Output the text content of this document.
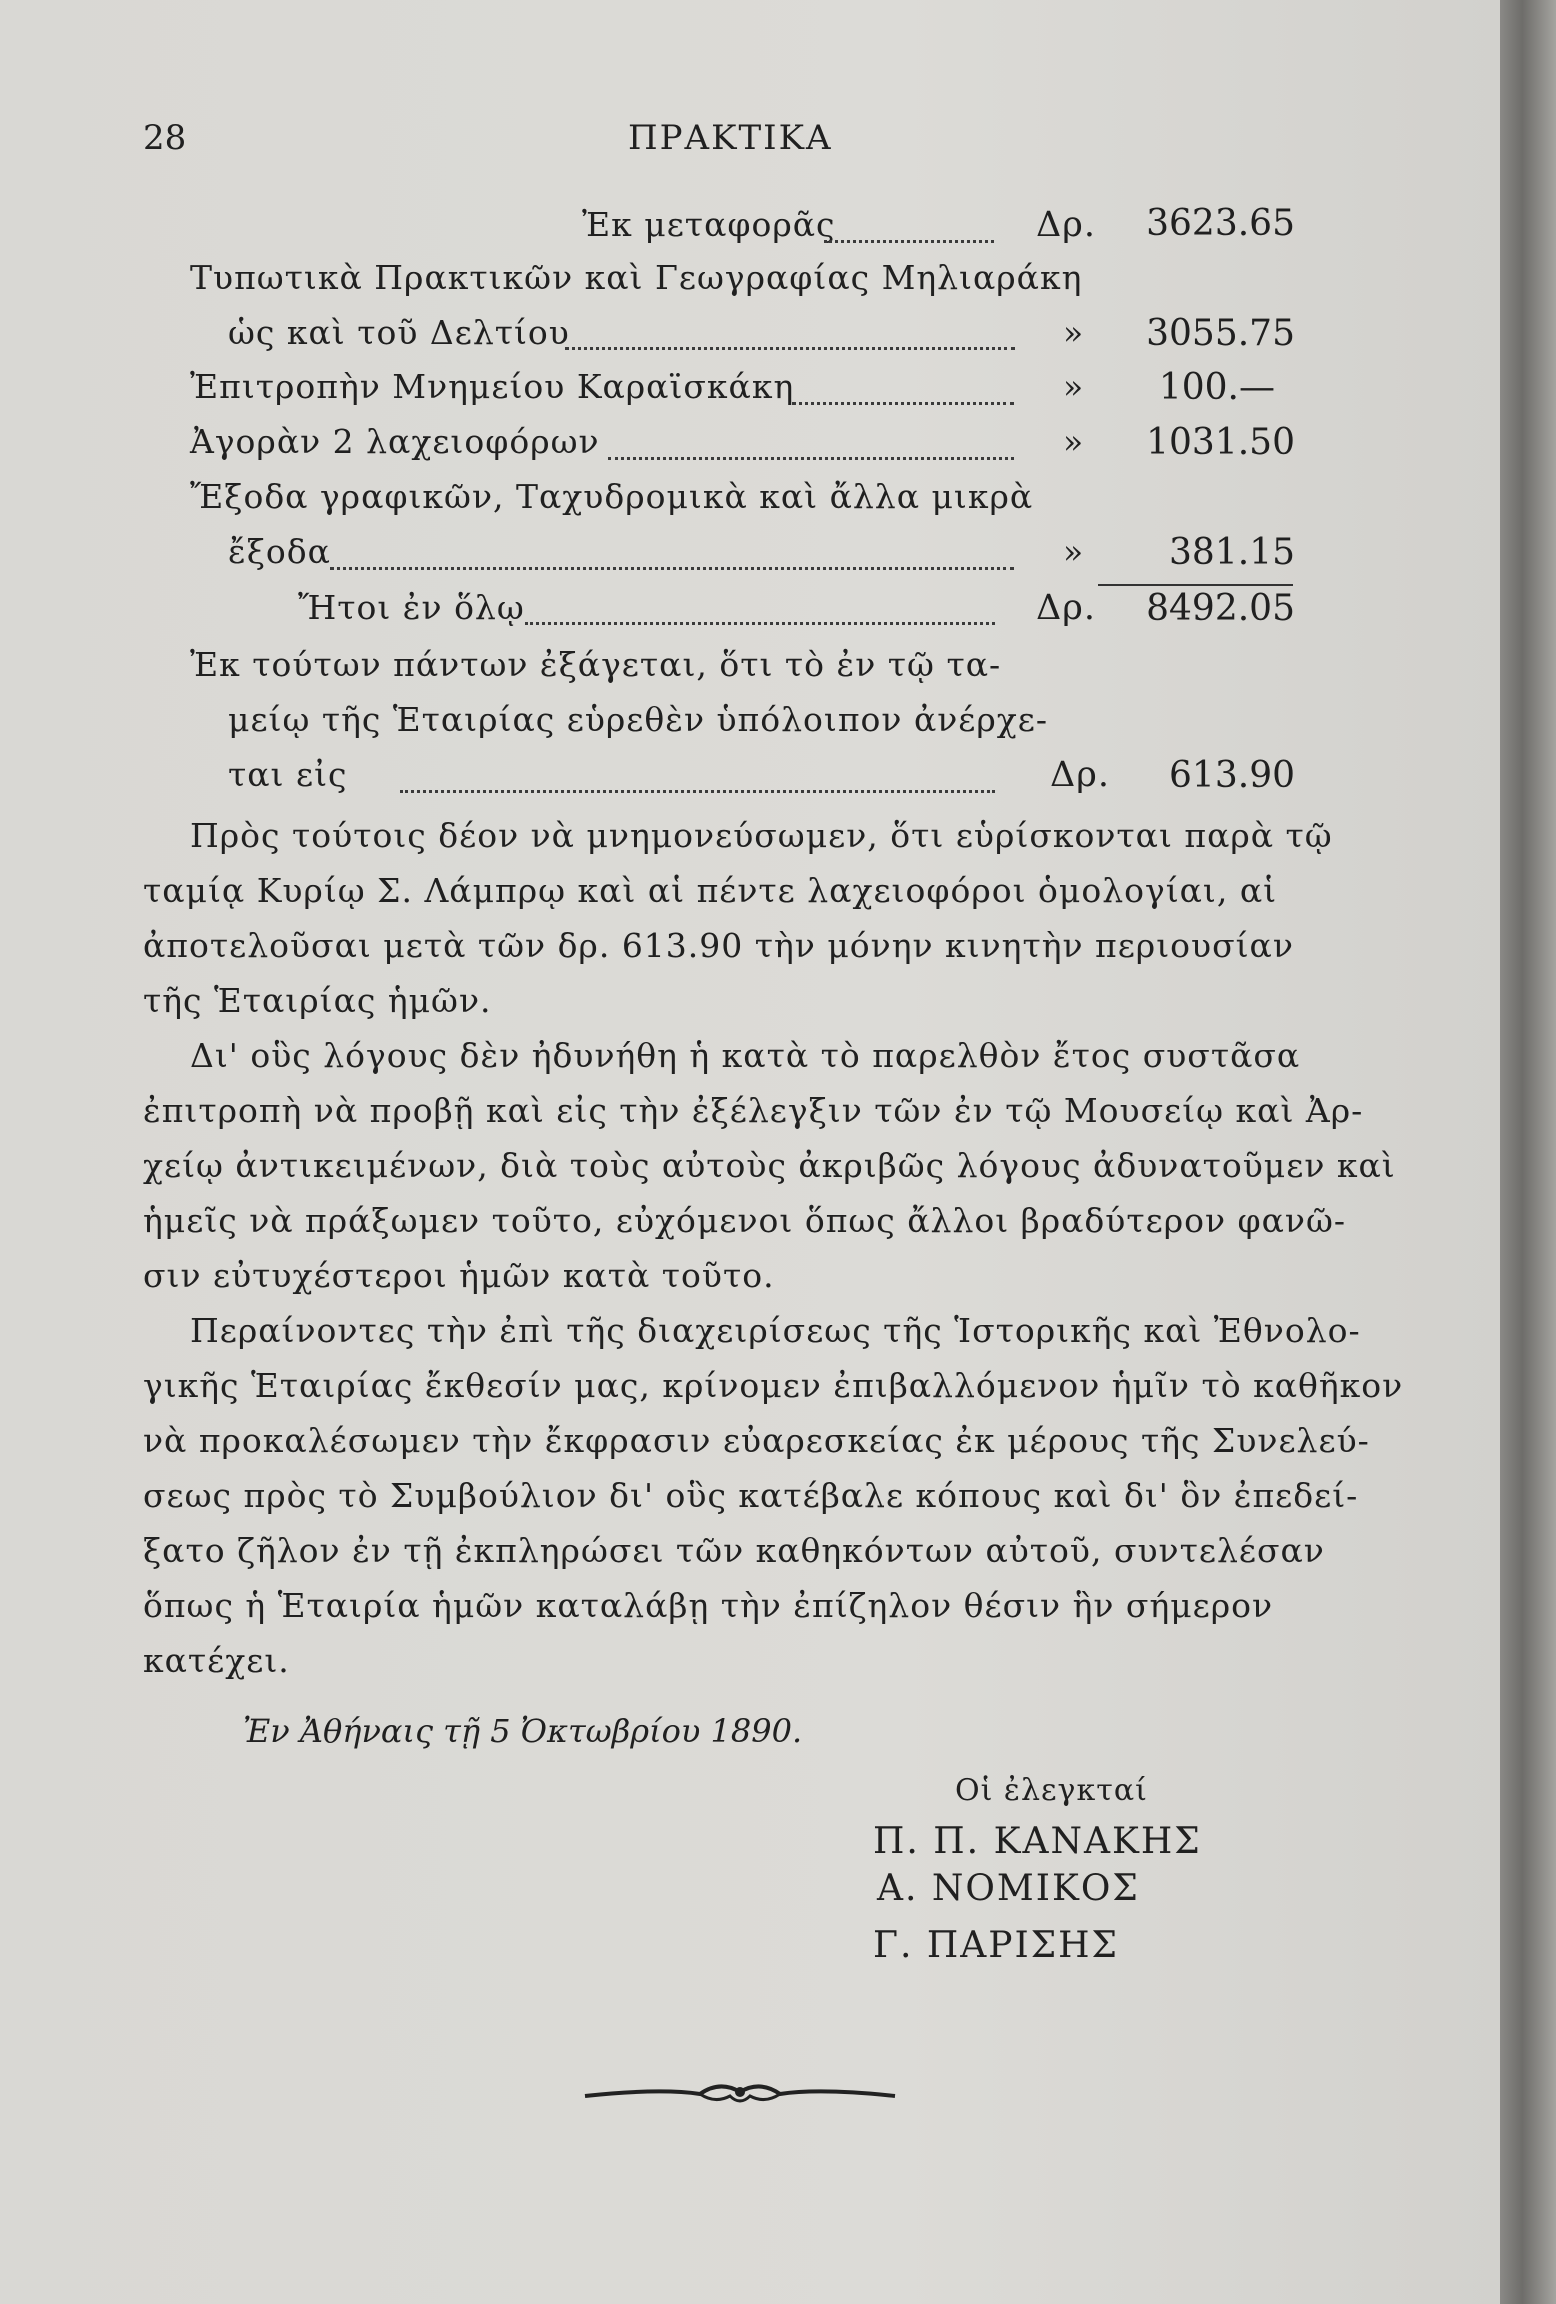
28	ΠΡΑΚΤΙΚΑ
Ἐκ μεταφορᾶς	Δρ.	3623.65
Τυπωτικὰ Πρακτικῶν καὶ Γεωγραφίας Μηλιαράκη
ὡς καὶ τοῦ Δελτίου	»	3055.75
Ἐπιτροπὴν Μνημείου Καραϊσκάκη	»	100.—
Ἀγορὰν 2 λαχειοφόρων	»	1031.50
Ἔξοδα γραφικῶν, Ταχυδρομικὰ καὶ ἄλλα μικρὰ
ἔξοδα	»	381.15
Ἤτοι ἐν ὅλῳ	Δρ.	8492.05
Ἐκ τούτων πάντων ἐξάγεται, ὅτι τὸ ἐν τῷ τα-
μείῳ τῆς Ἑταιρίας εὑρεθὲν ὑπόλοιπον ἀνέρχε-
ται εἰς	Δρ.	613.90
Πρὸς τούτοις δέον νὰ μνημονεύσωμεν, ὅτι εὑρίσκονται παρὰ τῷ
ταμίᾳ Κυρίῳ Σ. Λάμπρῳ καὶ αἱ πέντε λαχειοφόροι ὁμολογίαι, αἱ
ἀποτελοῦσαι μετὰ τῶν δρ. 613.90 τὴν μόνην κινητὴν περιουσίαν
τῆς Ἑταιρίας ἡμῶν.
Δι' οὓς λόγους δὲν ἠδυνήθη ἡ κατὰ τὸ παρελθὸν ἔτος συστᾶσα
ἐπιτροπὴ νὰ προβῇ καὶ εἰς τὴν ἐξέλεγξιν τῶν ἐν τῷ Μουσείῳ καὶ Ἀρ-
χείῳ ἀντικειμένων, διὰ τοὺς αὐτοὺς ἀκριβῶς λόγους ἀδυνατοῦμεν καὶ
ἡμεῖς νὰ πράξωμεν τοῦτο, εὐχόμενοι ὅπως ἄλλοι βραδύτερον φανῶ-
σιν εὐτυχέστεροι ἡμῶν κατὰ τοῦτο.
Περαίνοντες τὴν ἐπὶ τῆς διαχειρίσεως τῆς Ἱστορικῆς καὶ Ἐθνολο-
γικῆς Ἑταιρίας ἔκθεσίν μας, κρίνομεν ἐπιβαλλόμενον ἡμῖν τὸ καθῆκον
νὰ προκαλέσωμεν τὴν ἔκφρασιν εὐαρεσκείας ἐκ μέρους τῆς Συνελεύ-
σεως πρὸς τὸ Συμβούλιον δι' οὓς κατέβαλε κόπους καὶ δι' ὃν ἐπεδεί-
ξατο ζῆλον ἐν τῇ ἐκπληρώσει τῶν καθηκόντων αὐτοῦ, συντελέσαν
ὅπως ἡ Ἑταιρία ἡμῶν καταλάβῃ τὴν ἐπίζηλον θέσιν ἣν σήμερον
κατέχει.
Ἐν Ἀθήναις τῇ 5 Ὀκτωβρίου 1890.
Οἱ ἐλεγκταί
Π. Π. ΚΑΝΑΚΗΣ
Α. ΝΟΜΙΚΟΣ
Γ. ΠΑΡΙΣΗΣ
